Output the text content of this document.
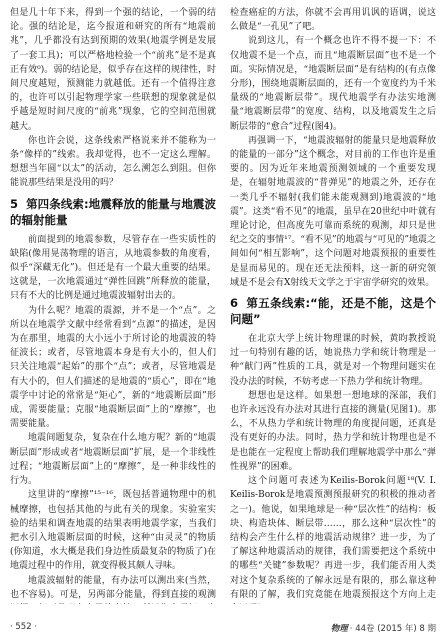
但是几十年下来，得到一个强的结论，一个弱的结论。强的结论是，迄今报道和研究的所有“地震前兆”，几乎都没有达到预期的效果(地震学例是发展了一套工具)；可以严格地检验一个“前兆”是不是真正有效⁰)。弱的结论是，似乎存在这样的规律性，时间尺度越短，预测能力就越低。还有一个值得注意的，也许可以引起物理学家一些联想的现象就是似乎越是短时间尺度的“前兆”现象，它的空间范围就越大。

你也许会说，这条线索严格说来并不能称为一条“像样的”线索。我却觉得，也不一定这么理解。想想当年圆“以太”的活动，怎么溯怎么到阻。但你能说那些结果是没用的吗？

5 第四条线索:地震释放的能量与地震波的辐射能量

前面提到的地震参数，尽管存在一些实质性的缺陷(像用晃荡物理的语言，从地震参数的角度看，似乎“深藏无化”)。但还是有一个最大重要的结果。这就是，一次地震通过“弹性回跳”所释放的能量，只有不大的比例是通过地震波辐射出去的。

为什么呢？地震的震源，并不是一个“点”。之所以在地震学文献中经常看到“点源”的描述，是因为在那里，地震的大小远小于所讨论的地震波的特征波长；或者，尽管地震本身是有大小的，但人们只关注地震“起始”的那个“点”；或者，尽管地震是有大小的，但人们描述的是地震的“质心”，即在“地震学中讨论的常常是“矩心”，新的“地震断层面”形成，需要能量；克服“地震断层面”上的“摩擦”，也需要能量。

地震间题复杂，复杂在什么地方呢？新的“地震断层面”形成或者“地震断层面”扩展，是一个非线性过程；“地震断层面”上的“摩擦”，是一种非线性的行为。

这里讲的“摩擦”¹⁵⁻¹⁶，既包括普通物理中的机械摩擦，也包括其他的与此有关的现象。实验室实验的结果和调查地震的结果表明地震学家，当我们把水引入地震断层面的时候，这种“由灵灵”的物质(你知道，水大概是我们身边性质最复杂的物质了)在地震过程中的作用，就变得极其颇人寻味。

地震波辐射的能量，有办法可以测出来(当然，也不容易)。可是，另两部分能量，得到直接的观测

检查癌症的方法，你就不会再用讥讽的语调，说这么做是“一孔见”了吧。

说到这儿，有一个概念也许不得不提一下：不仅地震不是一个点，而且“地震断层面”也不是一个面。实际情况是，“地震断层面”是有结构的(有点像分形)，围绕地震断层面的，还有一个宽度约为千米量级的“地震断层带”。现代地震学有办法实地测量“地震断层带”的宽度、结构，以及地震发生之后断层带的“愈合”过程(图4)。

再强调一下，“地震波辐射的能量只是地震释放的能量的一部分”这个概念，对目前的工作也许是重要的。因为近年来地震预测领域的一个重要发现是，在辐射地震波的“普弹见”的地震之外，还存在一类几乎不辐射(我们能未能观测到)地震波的“地震”。这类“看不见”的地震，虽早在20世纪中叶就有理论讨论，但高度先可靠而系统的观测，却只是世纪之交的事情¹⁷。“看不见”的地震与“可见的”地震之间如何“相互影响”，这个问题对地震预报的重要性是显而易见的。现在还无法预料，这一新的研究领域是不是会有X射线天文学之于宇宙学研究的效果。

6 第五条线索:“能，还是不能，这是个问题”

在北京大学上统计物理课的时候，黄昀教授说过一句特别有趣的话，她说热力学和统计物理是一种“献门两”性质的工具，就是对一个物理问题实在没办法的时候，不妨考虑一下热力学和统计物理。

想想也是这样。如果想一想地球的深部，我们也许永远没有办法对其进行直接的测量(见图1)。那么，不从热力学和统计物理的角度提问题，还真是没有更好的办法。同时，热力学和统计物理也是不是也能在一定程度上帮助我们理解地震学中那么“弹性视界”的困难。

这个问题可表述为Keilis-Borok问题¹⁸(V. I. Keilis-Borok是地震预测预报研究的积极的推动者之一)。他说，如果地球是一种“层次性”的结构：板块、构造块体、断层带……，那么这种“层次性”的结构会产生什么样的地震活动规律？进一步，为了了解这种地震活动的规律，我们需要把这个系统中的哪些“关键”参数呢？再进一步，我们能否用人类对这个复杂系统的了解永远是有限的，那么靠这种有限的了解，我们究竟能在地震预报这个方向上走

· 552 ·	物理 · 44卷 (2015 年) 8 期
